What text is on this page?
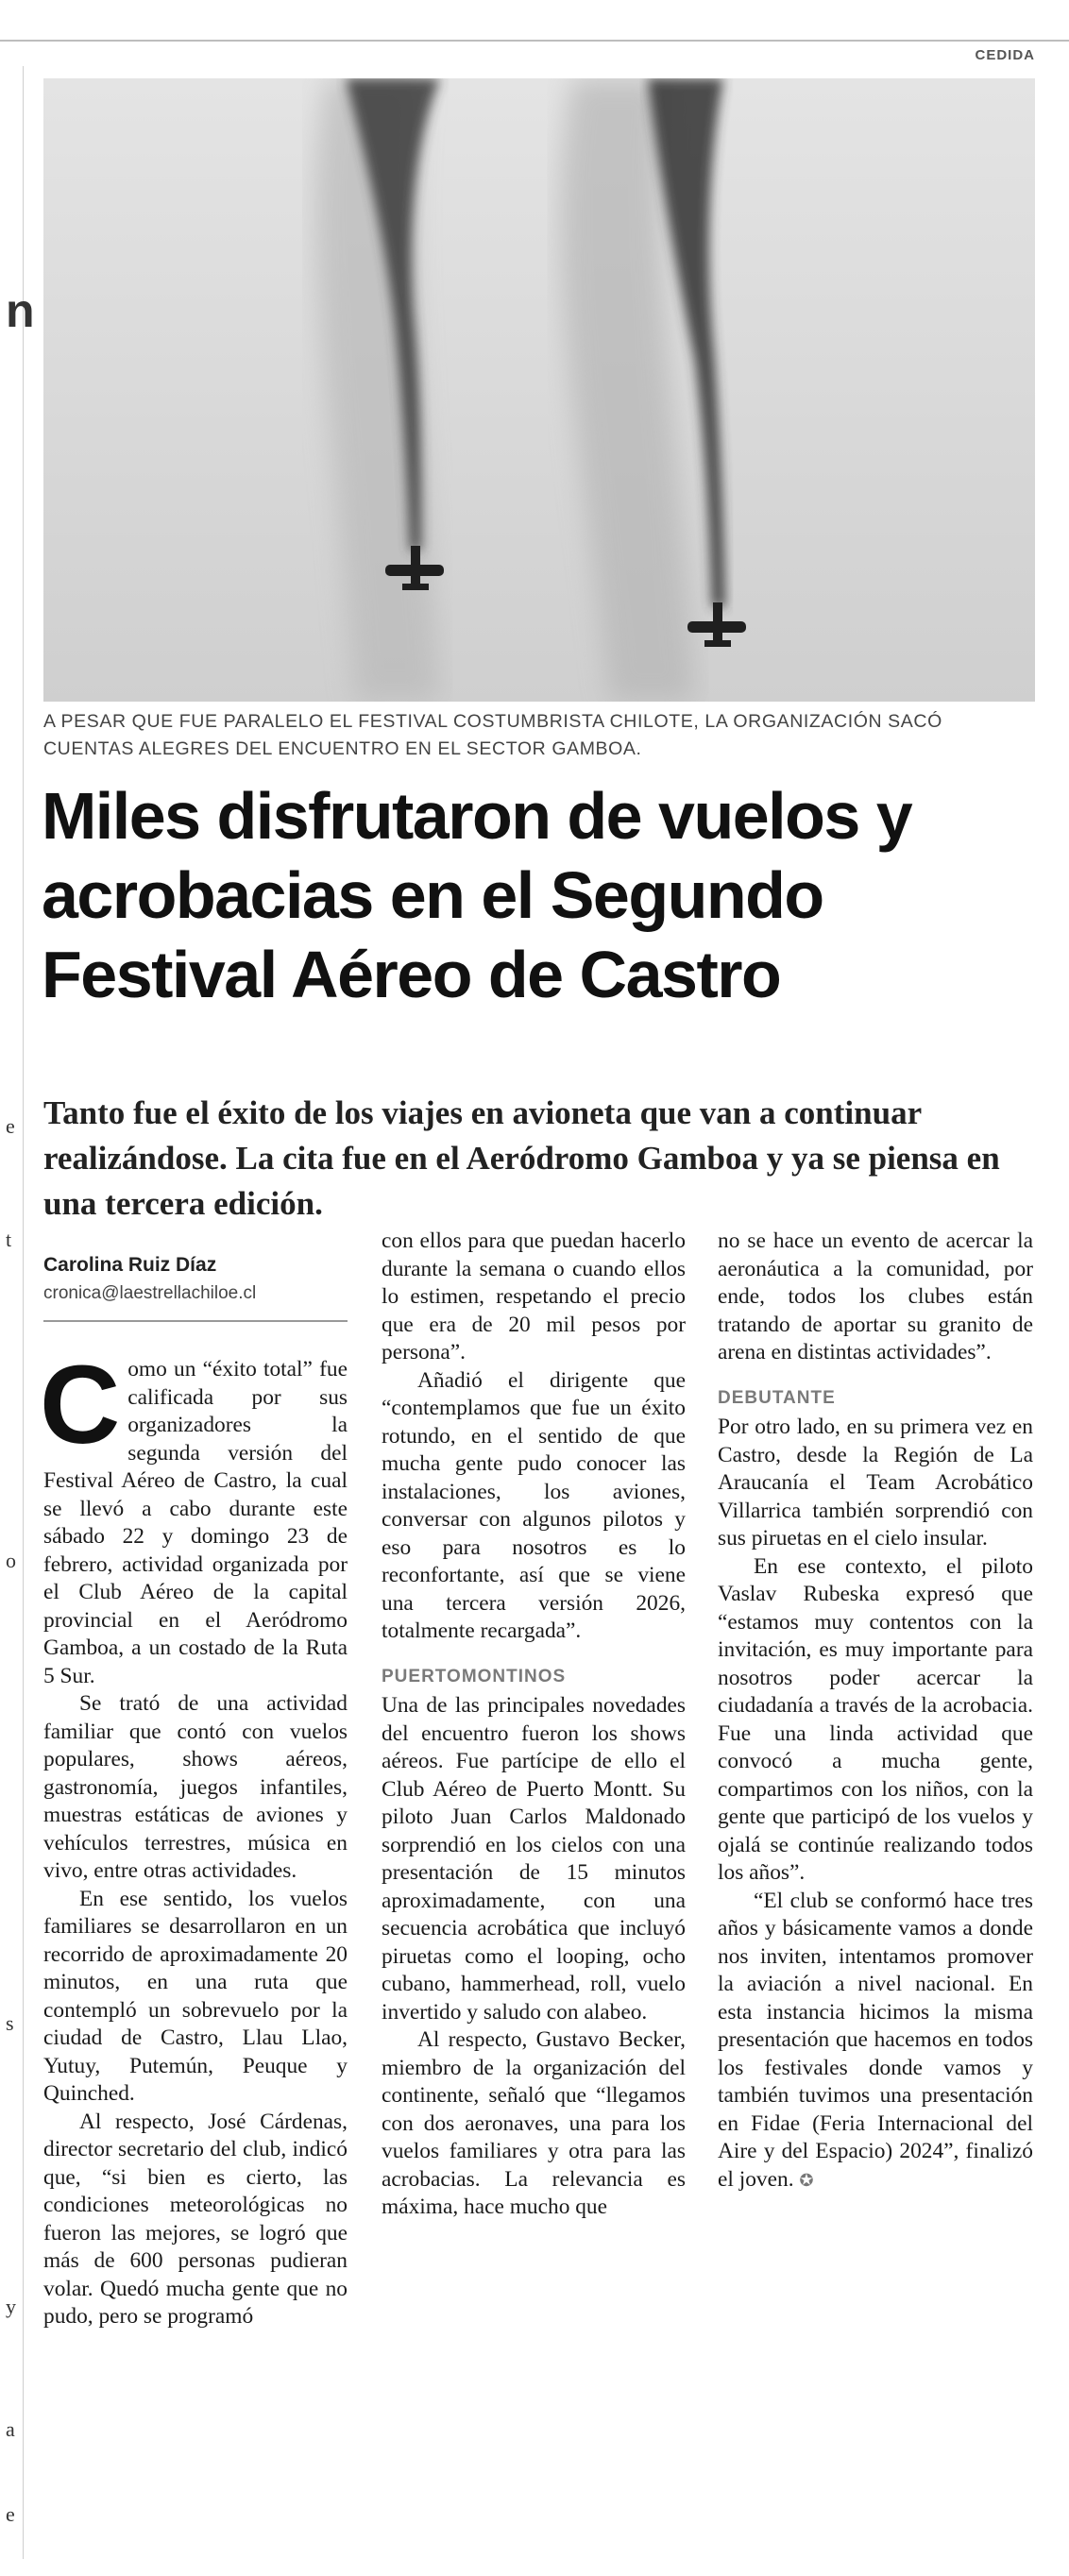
CEDIDA
n
e
t
o
s
y
a
e
A PESAR QUE FUE PARALELO EL FESTIVAL COSTUMBRISTA CHILOTE, LA ORGANIZACIÓN SACÓ CUENTAS ALEGRES DEL ENCUENTRO EN EL SECTOR GAMBOA.
Miles disfrutaron de vuelos y acrobacias en el Segundo Festival Aéreo de Castro
Tanto fue el éxito de los viajes en avioneta que van a continuar realizándose. La cita fue en el Aeródromo Gamboa y ya se piensa en una tercera edición.

Carolina Ruiz Díaz

cronica@laestrellachiloe.cl

Como un “éxito total” fue calificada por sus organizadores la segunda versión del Festival Aéreo de Castro, la cual se llevó a cabo durante este sábado 22 y domingo 23 de febrero, actividad organizada por el Club Aéreo de la capital provincial en el Aeródromo Gamboa, a un costado de la Ruta 5 Sur.

Se trató de una actividad familiar que contó con vuelos populares, shows aéreos, gastronomía, juegos infantiles, muestras estáticas de aviones y vehículos terrestres, música en vivo, entre otras actividades.

En ese sentido, los vuelos familiares se desarrollaron en un recorrido de aproximadamente 20 minutos, en una ruta que contempló un sobrevuelo por la ciudad de Castro, Llau Llao, Yutuy, Putemún, Peuque y Quinched.

Al respecto, José Cárdenas, director secretario del club, indicó que, “si bien es cierto, las condiciones meteorológicas no fueron las mejores, se logró que más de 600 personas pudieran volar. Quedó mucha gente que no pudo, pero se programó

con ellos para que puedan hacerlo durante la semana o cuando ellos lo estimen, respetando el precio que era de 20 mil pesos por persona”.

Añadió el dirigente que “contemplamos que fue un éxito rotundo, en el sentido de que mucha gente pudo conocer las instalaciones, los aviones, conversar con algunos pilotos y eso para nosotros es lo reconfortante, así que se viene una tercera versión 2026, totalmente recargada”.

PUERTOMONTINOS

Una de las principales novedades del encuentro fueron los shows aéreos. Fue partícipe de ello el Club Aéreo de Puerto Montt. Su piloto Juan Carlos Maldonado sorprendió en los cielos con una presentación de 15 minutos aproximadamente, con una secuencia acrobática que incluyó piruetas como el looping, ocho cubano, hammerhead, roll, vuelo invertido y saludo con alabeo.

Al respecto, Gustavo Becker, miembro de la organización del continente, señaló que “llegamos con dos aeronaves, una para los vuelos familiares y otra para las acrobacias. La relevancia es máxima, hace mucho que

no se hace un evento de acercar la aeronáutica a la comunidad, por ende, todos los clubes están tratando de aportar su granito de arena en distintas actividades”.

DEBUTANTE

Por otro lado, en su primera vez en Castro, desde la Región de La Araucanía el Team Acrobático Villarrica también sorprendió con sus piruetas en el cielo insular.

En ese contexto, el piloto Vaslav Rubeska expresó que “estamos muy contentos con la invitación, es muy importante para nosotros poder acercar la ciudadanía a través de la acrobacia. Fue una linda actividad que convocó a mucha gente, compartimos con los niños, con la gente que participó de los vuelos y ojalá se continúe realizando todos los años”.

“El club se conformó hace tres años y básicamente vamos a donde nos inviten, intentamos promover la aviación a nivel nacional. En esta instancia hicimos la misma presentación que hacemos en todos los festivales donde vamos y también tuvimos una presentación en Fidae (Feria Internacional del Aire y del Espacio) 2024”, finalizó el joven. ✪
